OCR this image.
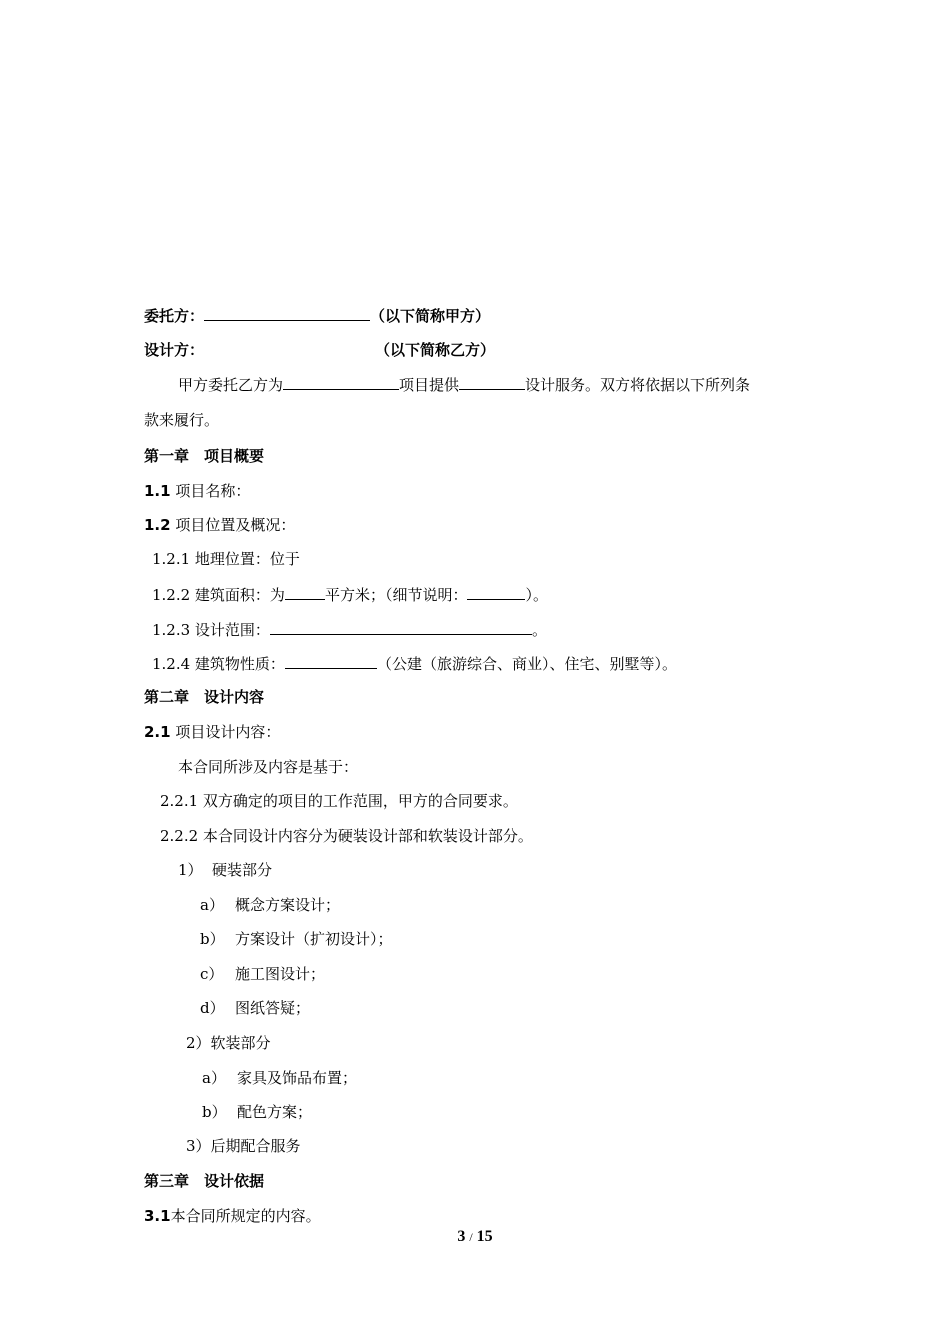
委托方：	（以下简称甲方）
设计方：	（以下简称乙方）
甲方委托乙方为	项目提供	设计服务。双方将依据以下所列条
款来履行。
第一章　项目概要
1.1 项目名称：
1.2 项目位置及概况：
1.2.1 地理位置：位于
1.2.2 建筑面积：为	平方米；（细节说明：	）。
1.2.3 设计范围：	。
1.2.4 建筑物性质：	（公建（旅游综合、商业）、住宅、别墅等）。
第二章　设计内容
2.1 项目设计内容：
本合同所涉及内容是基于：
2.2.1 双方确定的项目的工作范围，甲方的合同要求。
2.2.2 本合同设计内容分为硬装设计部和软装设计部分。
1） 硬装部分
a） 概念方案设计；
b） 方案设计（扩初设计）；
c） 施工图设计；
d） 图纸答疑；
2）软装部分
a） 家具及饰品布置；
b） 配色方案；
3）后期配合服务
第三章　设计依据
3.1本合同所规定的内容。
3 / 15
